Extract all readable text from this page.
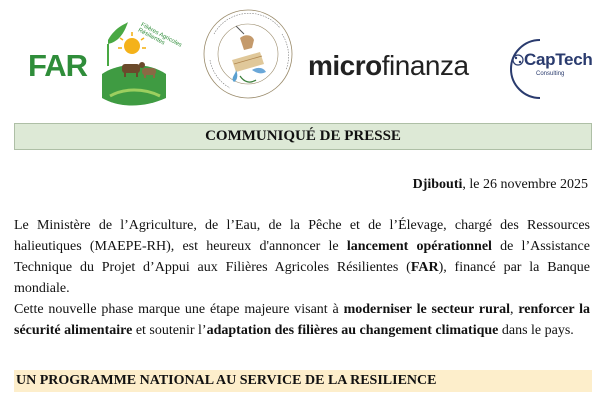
FAR
Filières Agricoles Résilientes
microfinanza	CapTech
Consulting
COMMUNIQUÉ DE PRESSE
Djibouti, le 26 novembre 2025

Le Ministère de l’Agriculture, de l’Eau, de la Pêche et de l’Élevage, chargé des Ressources halieutiques (MAEPE-RH), est heureux d'annoncer le lancement opérationnel de l’Assistance Technique du Projet d’Appui aux Filières Agricoles Résilientes (FAR), financé par la Banque mondiale.

Cette nouvelle phase marque une étape majeure visant à moderniser le secteur rural, renforcer la sécurité alimentaire et soutenir l’adaptation des filières au changement climatique dans le pays.

UN PROGRAMME NATIONAL AU SERVICE DE LA RESILIENCE
